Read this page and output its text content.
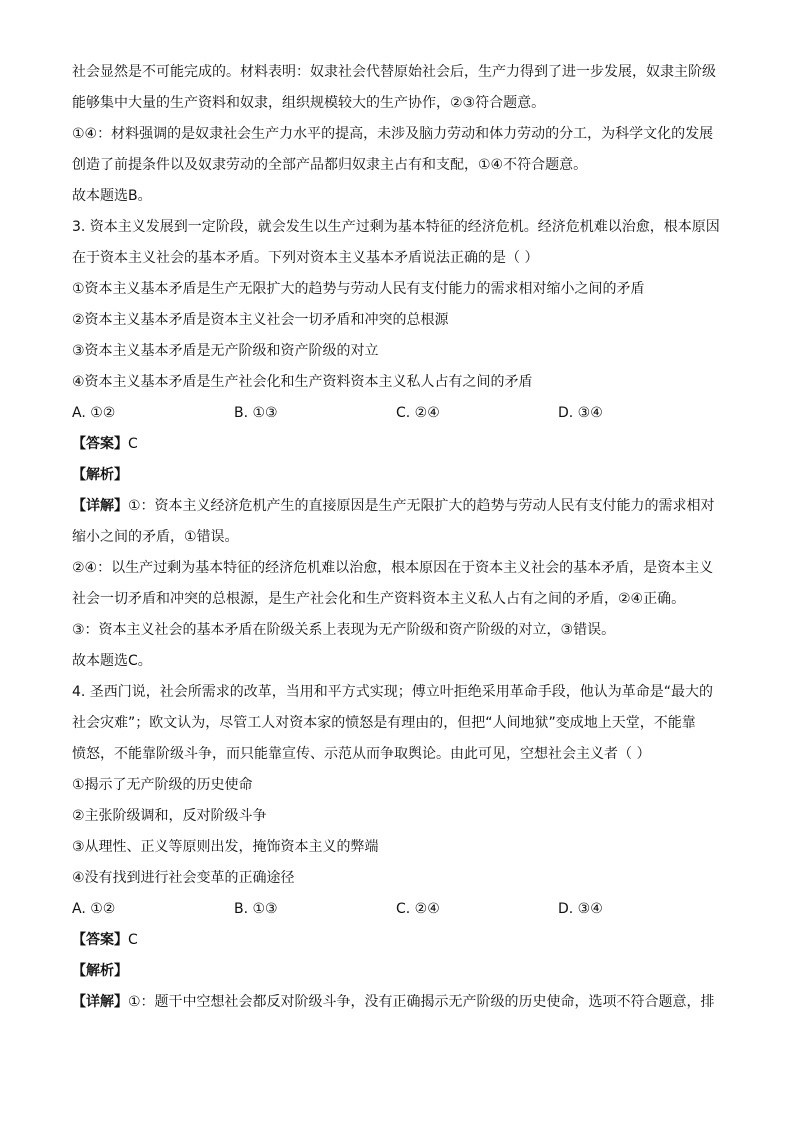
社会显然是不可能完成的。材料表明：奴隶社会代替原始社会后，生产力得到了进一步发展，奴隶主阶级
能够集中大量的生产资料和奴隶，组织规模较大的生产协作，②③符合题意。
①④：材料强调的是奴隶社会生产力水平的提高，未涉及脑力劳动和体力劳动的分工，为科学文化的发展
创造了前提条件以及奴隶劳动的全部产品都归奴隶主占有和支配，①④不符合题意。
故本题选B。
3. 资本主义发展到一定阶段，就会发生以生产过剩为基本特征的经济危机。经济危机难以治愈，根本原因
在于资本主义社会的基本矛盾。下列对资本主义基本矛盾说法正确的是（ ）
①资本主义基本矛盾是生产无限扩大的趋势与劳动人民有支付能力的需求相对缩小之间的矛盾
②资本主义基本矛盾是资本主义社会一切矛盾和冲突的总根源
③资本主义基本矛盾是无产阶级和资产阶级的对立
④资本主义基本矛盾是生产社会化和生产资料资本主义私人占有之间的矛盾
A. ①②	B. ①③	C. ②④	D. ③④
【答案】C
【解析】
【详解】①：资本主义经济危机产生的直接原因是生产无限扩大的趋势与劳动人民有支付能力的需求相对
缩小之间的矛盾，①错误。
②④：以生产过剩为基本特征的经济危机难以治愈，根本原因在于资本主义社会的基本矛盾，是资本主义
社会一切矛盾和冲突的总根源，是生产社会化和生产资料资本主义私人占有之间的矛盾，②④正确。
③：资本主义社会的基本矛盾在阶级关系上表现为无产阶级和资产阶级的对立，③错误。
故本题选C。
4. 圣西门说，社会所需求的改革，当用和平方式实现；傅立叶拒绝采用革命手段，他认为革命是“最大的
社会灾难”；欧文认为，尽管工人对资本家的愤怒是有理由的，但把“人间地狱”变成地上天堂，不能靠
愤怒，不能靠阶级斗争，而只能靠宣传、示范从而争取舆论。由此可见，空想社会主义者（ ）
①揭示了无产阶级的历史使命
②主张阶级调和，反对阶级斗争
③从理性、正义等原则出发，掩饰资本主义的弊端
④没有找到进行社会变革的正确途径
A. ①②	B. ①③	C. ②④	D. ③④
【答案】C
【解析】
【详解】①：题干中空想社会都反对阶级斗争，没有正确揭示无产阶级的历史使命，选项不符合题意，排
